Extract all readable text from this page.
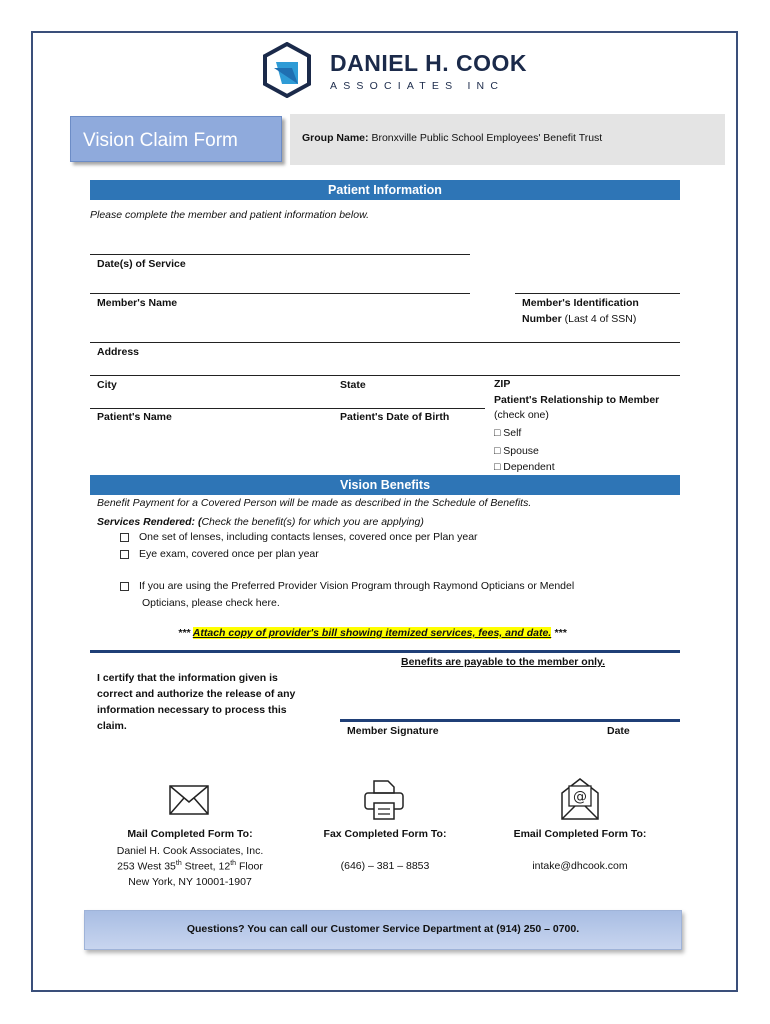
DANIEL H. COOK
ASSOCIATES INC
Vision Claim Form	Group Name: Bronxville Public School Employees' Benefit Trust
Patient Information
Please complete the member and patient information below.
Date(s) of Service
Member's Name	Member's Identification
Number (Last 4 of SSN)
Address
City	State	ZIP
Patient's Name	Patient's Date of Birth
Patient's Relationship to Member
(check one)
□ Self
□ Spouse
□ Dependent
Vision Benefits
Benefit Payment for a Covered Person will be made as described in the Schedule of Benefits.
Services Rendered: (Check the benefit(s) for which you are applying)
One set of lenses, including contacts lenses, covered once per Plan year
Eye exam, covered once per plan year
If you are using the Preferred Provider Vision Program through Raymond Opticians or Mendel
Opticians, please check here.
*** Attach copy of provider's bill showing itemized services, fees, and date. ***
Benefits are payable to the member only.
I certify that the information given is
correct and authorize the release of any
information necessary to process this
claim.	Member Signature	Date
@
Mail Completed Form To:
Daniel H. Cook Associates, Inc.
253 West 35th Street, 12th Floor
New York, NY 10001-1907
Fax Completed Form To:
(646) – 381 – 8853
Email Completed Form To:
intake@dhcook.com
Questions? You can call our Customer Service Department at (914) 250 – 0700.
